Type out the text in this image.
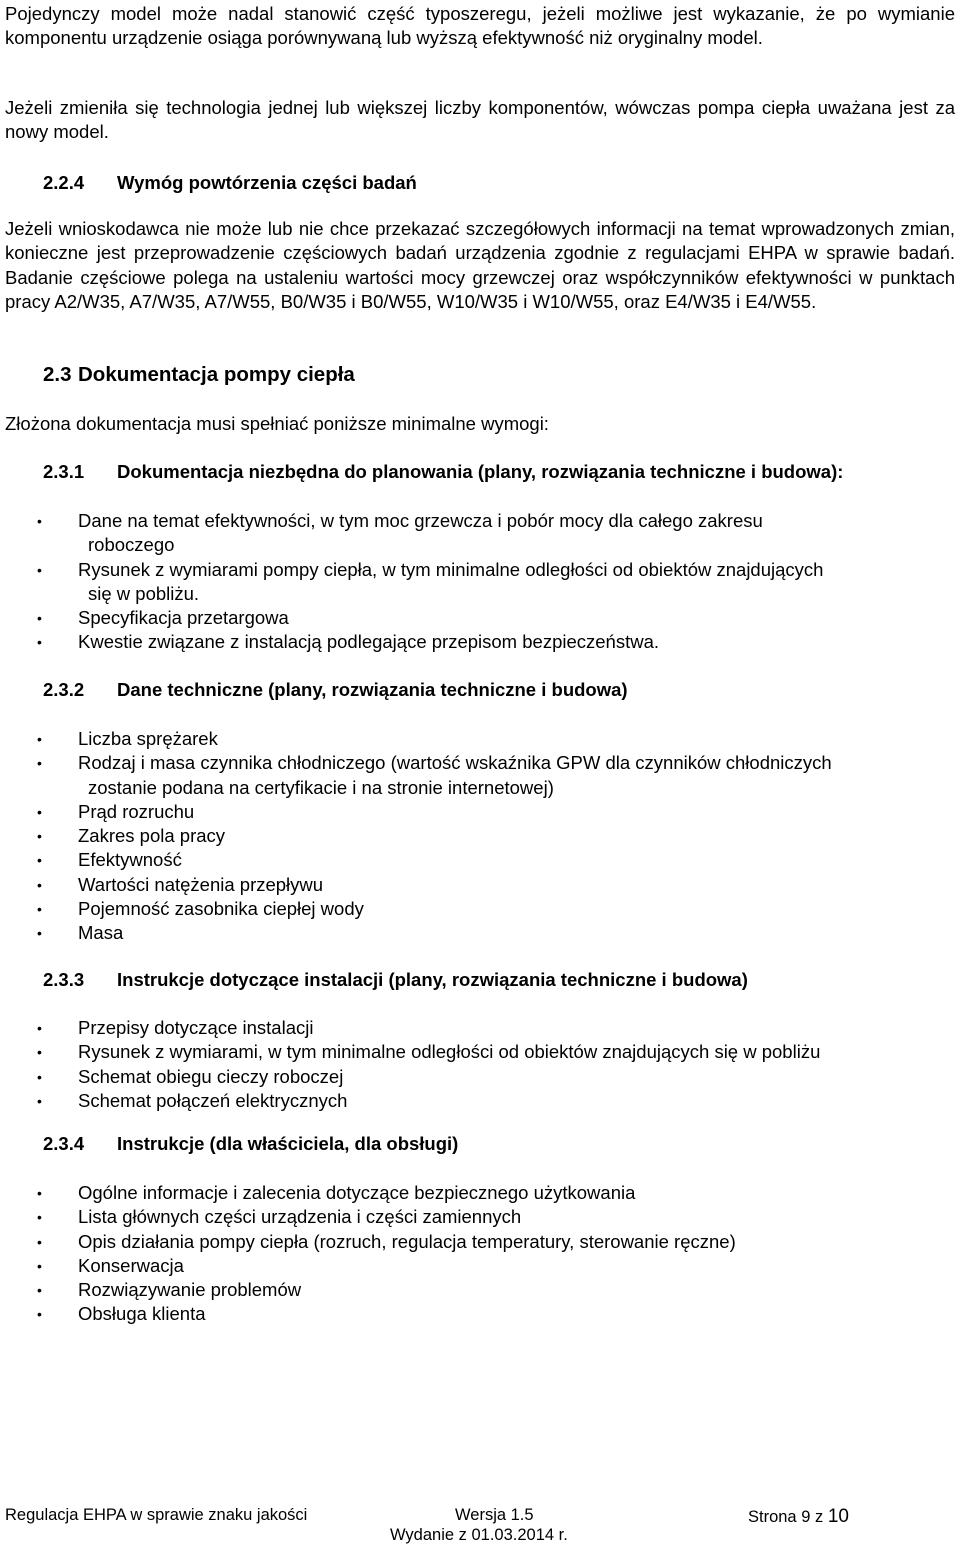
Pojedynczy model może nadal stanowić część typoszeregu, jeżeli możliwe jest wykazanie, że po wymianie komponentu urządzenie osiąga porównywaną lub wyższą efektywność niż oryginalny model.

Jeżeli zmieniła się technologia jednej lub większej liczby komponentów, wówczas pompa ciepła uważana jest za nowy model.

2.2.4 Wymóg powtórzenia części badań

Jeżeli wnioskodawca nie może lub nie chce przekazać szczegółowych informacji na temat wprowadzonych zmian, konieczne jest przeprowadzenie częściowych badań urządzenia zgodnie z regulacjami EHPA w sprawie badań. Badanie częściowe polega na ustaleniu wartości mocy grzewczej oraz współczynników efektywności w punktach pracy A2/W35, A7/W35, A7/W55, B0/W35 i B0/W55, W10/W35 i W10/W55, oraz E4/W35 i E4/W55.

2.3 Dokumentacja pompy ciepła

Złożona dokumentacja musi spełniać poniższe minimalne wymogi:

2.3.1 Dokumentacja niezbędna do planowania (plany, rozwiązania techniczne i budowa):
• Dane na temat efektywności, w tym moc grzewcza i pobór mocy dla całego zakresu
roboczego
• Rysunek z wymiarami pompy ciepła, w tym minimalne odległości od obiektów znajdujących
się w pobliżu.
• Specyfikacja przetargowa
• Kwestie związane z instalacją podlegające przepisom bezpieczeństwa.
2.3.2 Dane techniczne (plany, rozwiązania techniczne i budowa)
• Liczba sprężarek
• Rodzaj i masa czynnika chłodniczego (wartość wskaźnika GPW dla czynników chłodniczych
zostanie podana na certyfikacie i na stronie internetowej)
• Prąd rozruchu
• Zakres pola pracy
• Efektywność
• Wartości natężenia przepływu
• Pojemność zasobnika ciepłej wody
• Masa
2.3.3 Instrukcje dotyczące instalacji (plany, rozwiązania techniczne i budowa)
• Przepisy dotyczące instalacji
• Rysunek z wymiarami, w tym minimalne odległości od obiektów znajdujących się w pobliżu
• Schemat obiegu cieczy roboczej
• Schemat połączeń elektrycznych
2.3.4 Instrukcje (dla właściciela, dla obsługi)
• Ogólne informacje i zalecenia dotyczące bezpiecznego użytkowania
• Lista głównych części urządzenia i części zamiennych
• Opis działania pompy ciepła (rozruch, regulacja temperatury, sterowanie ręczne)
• Konserwacja
• Rozwiązywanie problemów
• Obsługa klienta
Regulacja EHPA w sprawie znaku jakości	Wersja 1.5
Wydanie z 01.03.2014 r.
Strona 9 z 10
